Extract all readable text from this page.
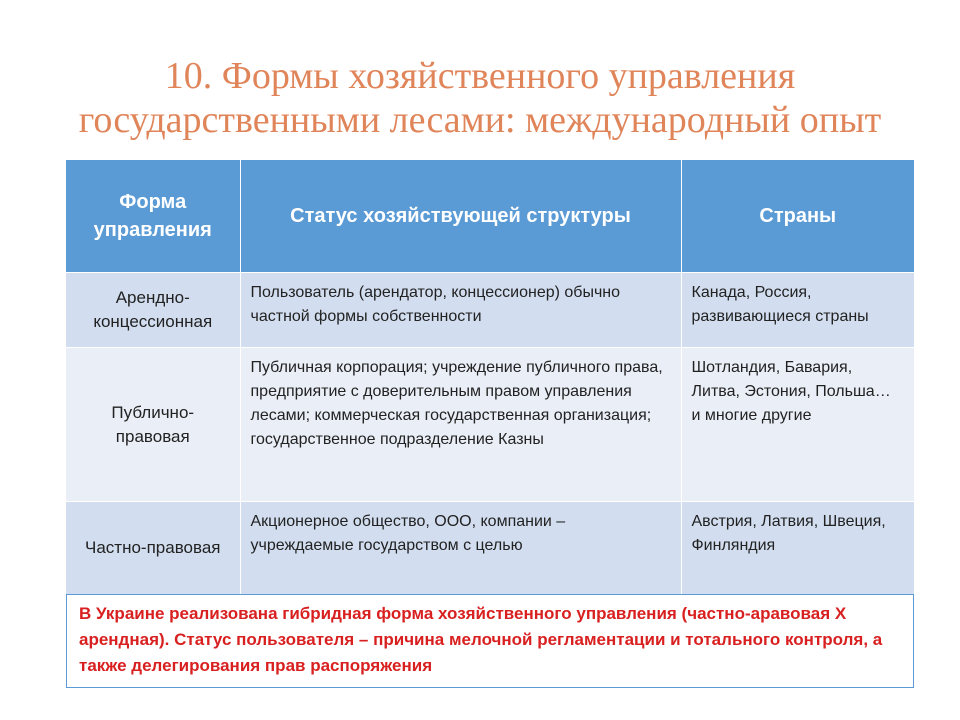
10. Формы хозяйственного управления
государственными лесами: международный опыт
Форма управления	Статус хозяйствующей структуры	Страны
Арендно-концессионная	Пользователь (арендатор, концессионер) обычно частной формы собственности	Канада, Россия, развивающиеся страны
Публично-правовая	Публичная корпорация; учреждение публичного права, предприятие с доверительным правом управления лесами; коммерческая государственная организация; государственное подразделение Казны	Шотландия, Бавария, Литва, Эстония, Польша… и многие другие
Частно-правовая	Акционерное общество, ООО, компании – учреждаемые государством с целью	Австрия, Латвия, Швеция, Финляндия
В Украине реализована гибридная форма хозяйственного управления (частно-аравовая Х арендная). Статус пользователя – причина мелочной регламентации и тотального контроля, а также делегирования прав распоряжения
